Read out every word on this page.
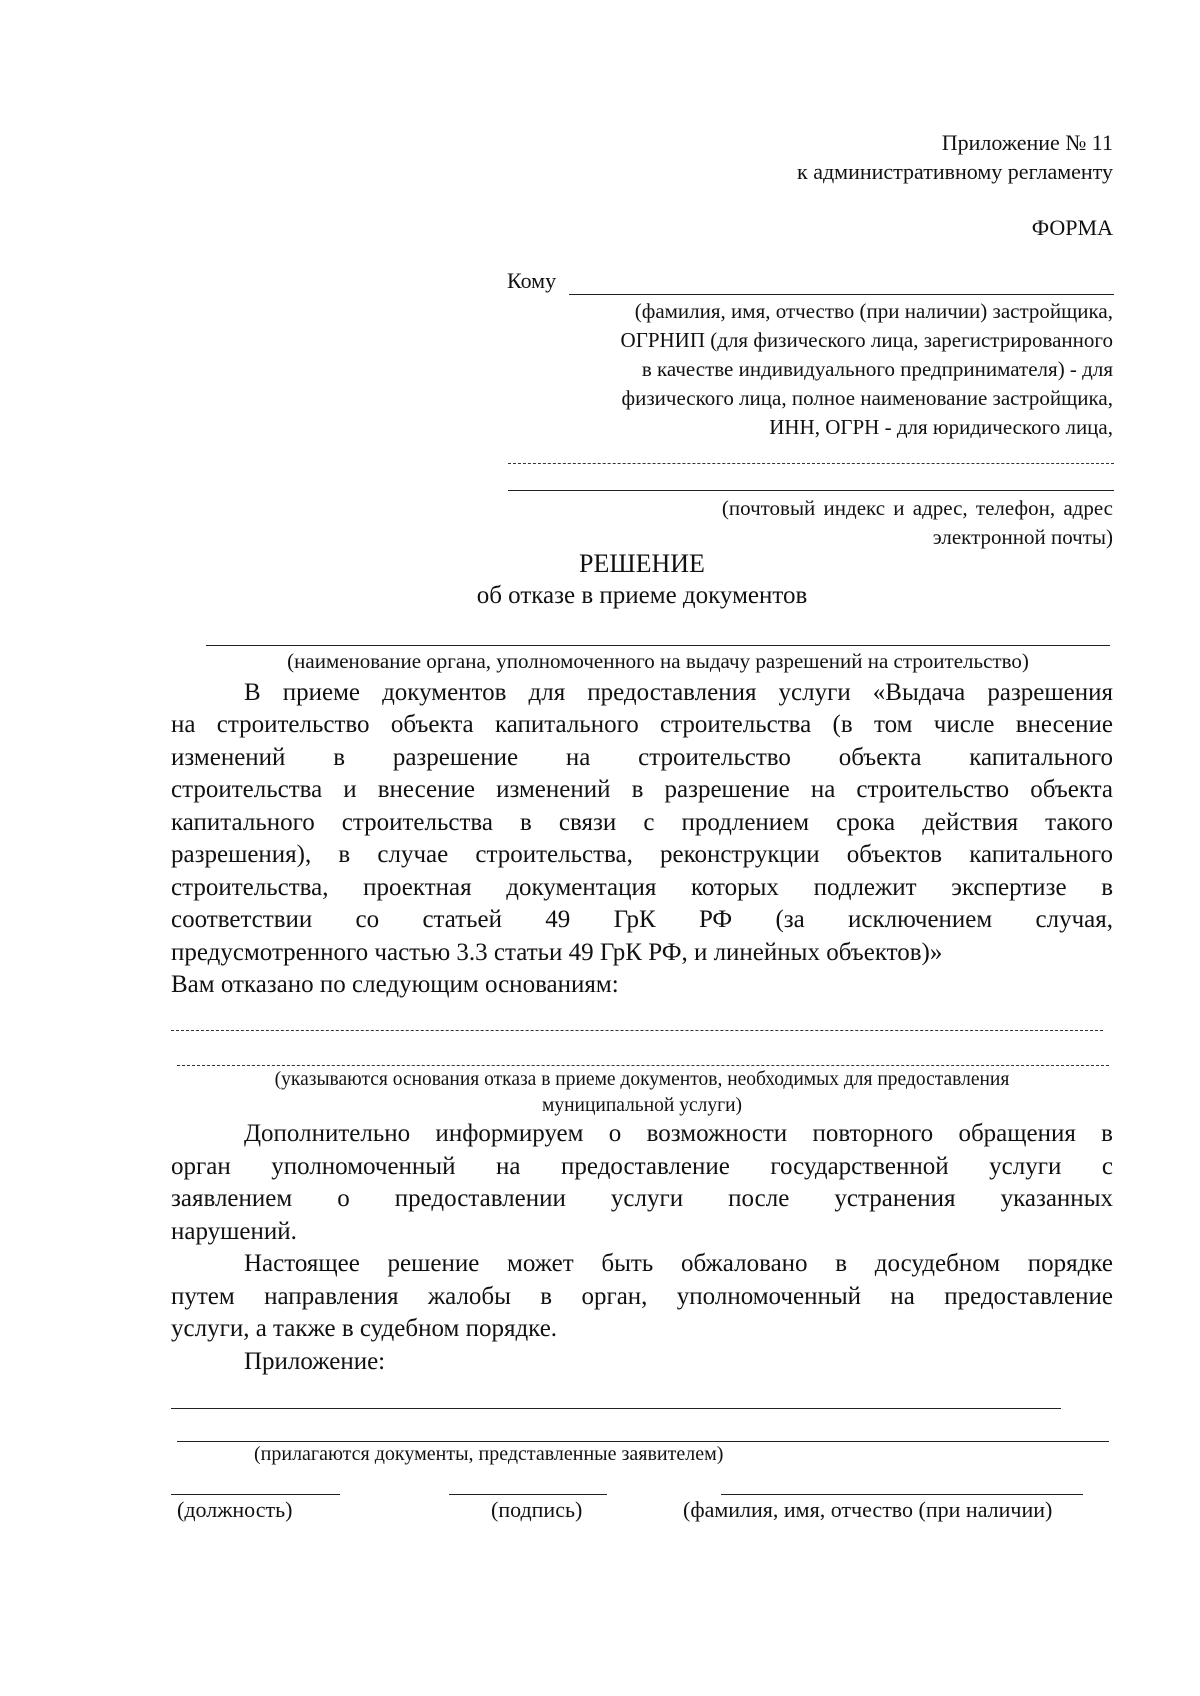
Приложение № 11
к административному регламенту
ФОРМА
Кому
(фамилия, имя, отчество (при наличии) застройщика,
ОГРНИП (для физического лица, зарегистрированного
в качестве индивидуального предпринимателя) - для
физического лица, полное наименование застройщика,
ИНН, ОГРН - для юридического лица,
(почтовый индекс и адрес, телефон, адрес
электронной почты)
РЕШЕНИЕ
об отказе в приеме документов
(наименование органа, уполномоченного на выдачу разрешений на строительство)
В приеме документов для предоставления услуги «Выдача разрешения
на строительство объекта капитального строительства (в том числе внесение
изменений в разрешение на строительство объекта капитального
строительства и внесение изменений в разрешение на строительство объекта
капитального строительства в связи с продлением срока действия такого
разрешения), в случае строительства, реконструкции объектов капитального
строительства, проектная документация которых подлежит экспертизе в
соответствии со статьей 49 ГрК РФ (за исключением случая,
предусмотренного частью 3.3 статьи 49 ГрК РФ, и линейных объектов)»
Вам отказано по следующим основаниям:
(указываются основания отказа в приеме документов, необходимых для предоставления
муниципальной услуги)
Дополнительно информируем о возможности повторного обращения в
орган уполномоченный на предоставление государственной услуги с
заявлением о предоставлении услуги после устранения указанных
нарушений.
Настоящее решение может быть обжаловано в досудебном порядке
путем направления жалобы в орган, уполномоченный на предоставление
услуги, а также в судебном порядке.
Приложение:
(прилагаются документы, представленные заявителем)
(должность)	(подпись)	(фамилия, имя, отчество (при наличии)
